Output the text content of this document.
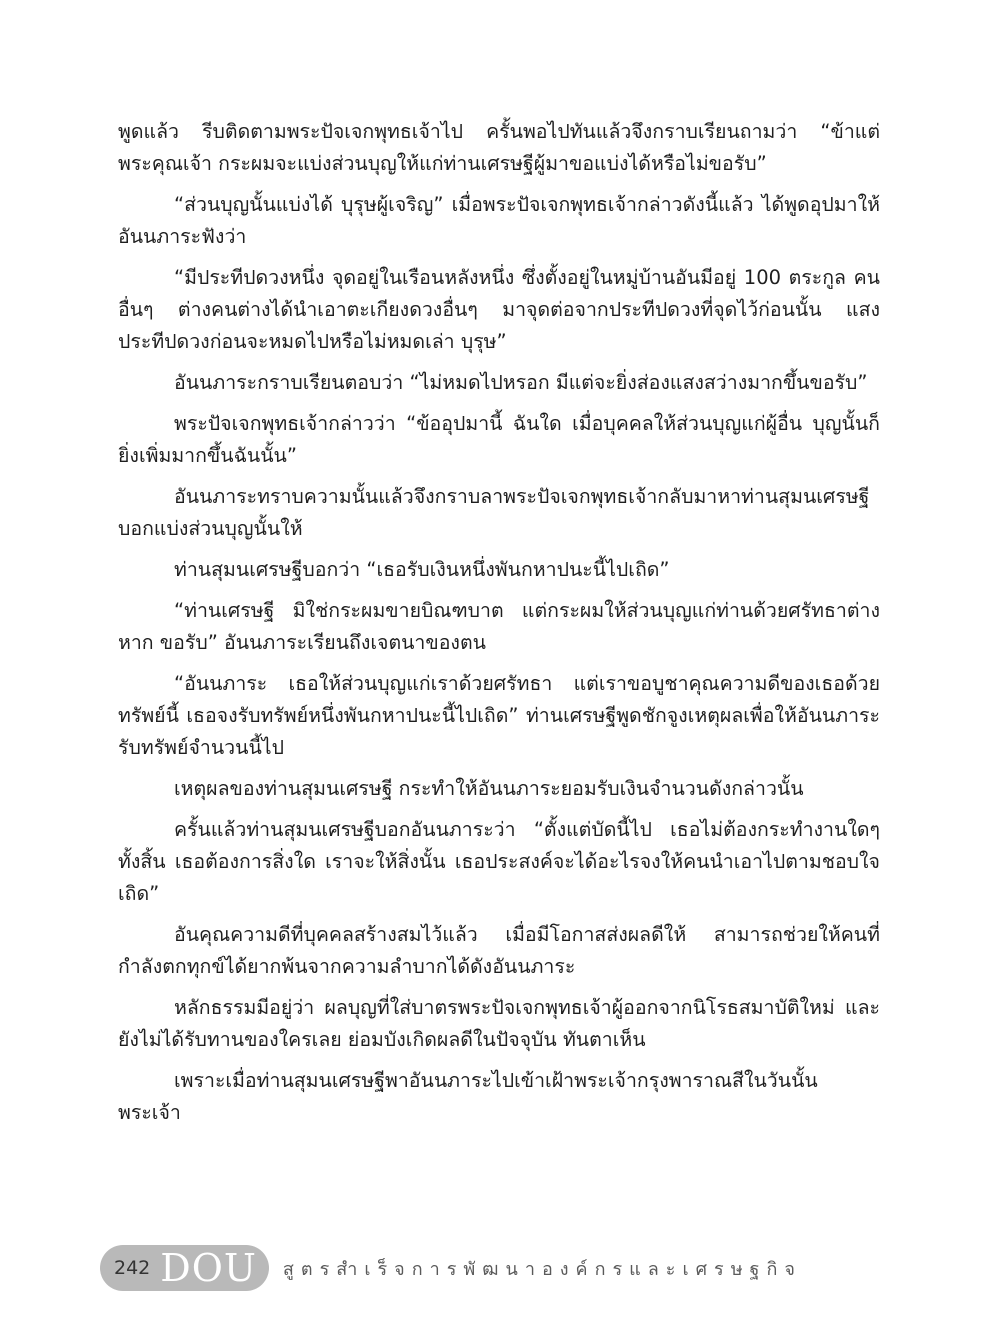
พูดแล้ว รีบติดตามพระปัจเจกพุทธเจ้าไป ครั้นพอไปทันแล้วจึงกราบเรียนถามว่า “ข้าแต่พระคุณเจ้า กระผมจะแบ่งส่วนบุญให้แก่ท่านเศรษฐีผู้มาขอแบ่งได้หรือไม่ขอรับ”

“ส่วนบุญนั้นแบ่งได้ บุรุษผู้เจริญ” เมื่อพระปัจเจกพุทธเจ้ากล่าวดังนี้แล้ว ได้พูดอุปมาให้อันนภาระฟังว่า

“มีประทีปดวงหนึ่ง จุดอยู่ในเรือนหลังหนึ่ง ซึ่งตั้งอยู่ในหมู่บ้านอันมีอยู่ 100 ตระกูล คนอื่นๆ ต่างคนต่างได้นำเอาตะเกียงดวงอื่นๆ มาจุดต่อจากประทีปดวงที่จุดไว้ก่อนนั้น แสงประทีปดวงก่อนจะหมดไปหรือไม่หมดเล่า บุรุษ”

อันนภาระกราบเรียนตอบว่า “ไม่หมดไปหรอก มีแต่จะยิ่งส่องแสงสว่างมากขึ้นขอรับ”

พระปัจเจกพุทธเจ้ากล่าวว่า “ข้ออุปมานี้ ฉันใด เมื่อบุคคลให้ส่วนบุญแก่ผู้อื่น บุญนั้นก็ยิ่งเพิ่มมากขึ้นฉันนั้น”

อันนภาระทราบความนั้นแล้วจึงกราบลาพระปัจเจกพุทธเจ้ากลับมาหาท่านสุมนเศรษฐี บอกแบ่งส่วนบุญนั้นให้

ท่านสุมนเศรษฐีบอกว่า “เธอรับเงินหนึ่งพันกหาปนะนี้ไปเถิด”

“ท่านเศรษฐี มิใช่กระผมขายบิณฑบาต แต่กระผมให้ส่วนบุญแก่ท่านด้วยศรัทธาต่างหาก ขอรับ” อันนภาระเรียนถึงเจตนาของตน

“อันนภาระ เธอให้ส่วนบุญแก่เราด้วยศรัทธา แต่เราขอบูชาคุณความดีของเธอด้วยทรัพย์นี้ เธอจงรับทรัพย์หนึ่งพันกหาปนะนี้ไปเถิด” ท่านเศรษฐีพูดชักจูงเหตุผลเพื่อให้อันนภาระรับทรัพย์จำนวนนี้ไป

เหตุผลของท่านสุมนเศรษฐี กระทำให้อันนภาระยอมรับเงินจำนวนดังกล่าวนั้น

ครั้นแล้วท่านสุมนเศรษฐีบอกอันนภาระว่า “ตั้งแต่บัดนี้ไป เธอไม่ต้องกระทำงานใดๆ ทั้งสิ้น เธอต้องการสิ่งใด เราจะให้สิ่งนั้น เธอประสงค์จะได้อะไรจงให้คนนำเอาไปตามชอบใจเถิด”

อันคุณความดีที่บุคคลสร้างสมไว้แล้ว เมื่อมีโอกาสส่งผลดีให้ สามารถช่วยให้คนที่กำลังตกทุกข์ได้ยากพ้นจากความลำบากได้ดังอันนภาระ

หลักธรรมมีอยู่ว่า ผลบุญที่ใส่บาตรพระปัจเจกพุทธเจ้าผู้ออกจากนิโรธสมาบัติใหม่ และยังไม่ได้รับทานของใครเลย ย่อมบังเกิดผลดีในปัจจุบัน ทันตาเห็น

เพราะเมื่อท่านสุมนเศรษฐีพาอันนภาระไปเข้าเฝ้าพระเจ้ากรุงพาราณสีในวันนั้นพระเจ้า

242 DOU สูตรสำเร็จการพัฒนาองค์กรและเศรษฐกิจ
